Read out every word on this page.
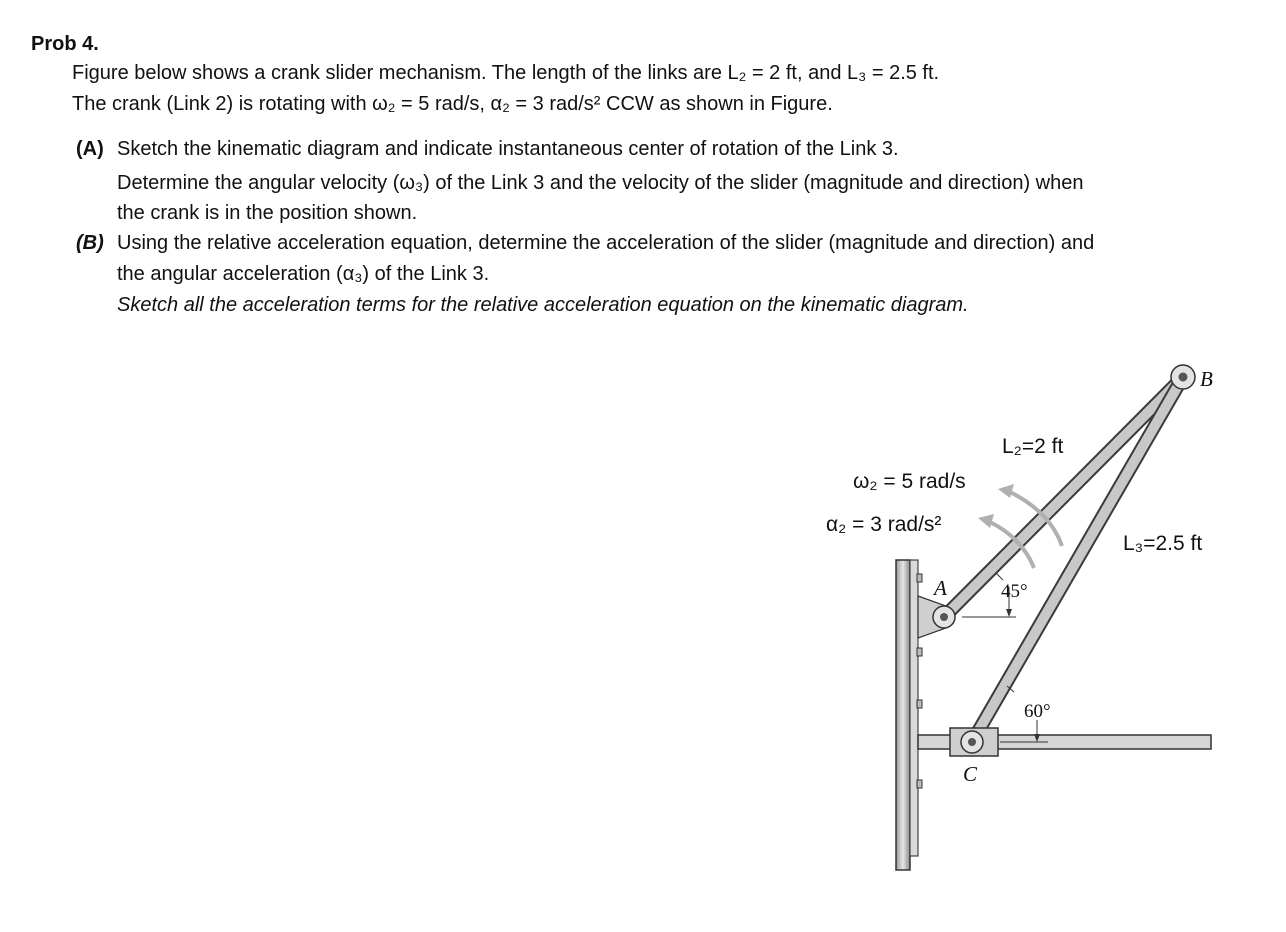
Prob 4.
Figure below shows a crank slider mechanism. The length of the links are L₂ = 2 ft, and L₃ = 2.5 ft.
The crank (Link 2) is rotating with ω₂ = 5 rad/s, α₂ = 3 rad/s² CCW as shown in Figure.
(A) Sketch the kinematic diagram and indicate instantaneous center of rotation of the Link 3.
Determine the angular velocity (ω₃) of the Link 3 and the velocity of the slider (magnitude and direction) when
the crank is in the position shown.
(B) Using the relative acceleration equation, determine the acceleration of the slider (magnitude and direction) and
the angular acceleration (α₃) of the Link 3.
Sketch all the acceleration terms for the relative acceleration equation on the kinematic diagram.
ω₂ = 5 rad/s
α₂ = 3 rad/s²
L₂=2 ft
L₃=2.5 ft
45°
60°
A
B
C
